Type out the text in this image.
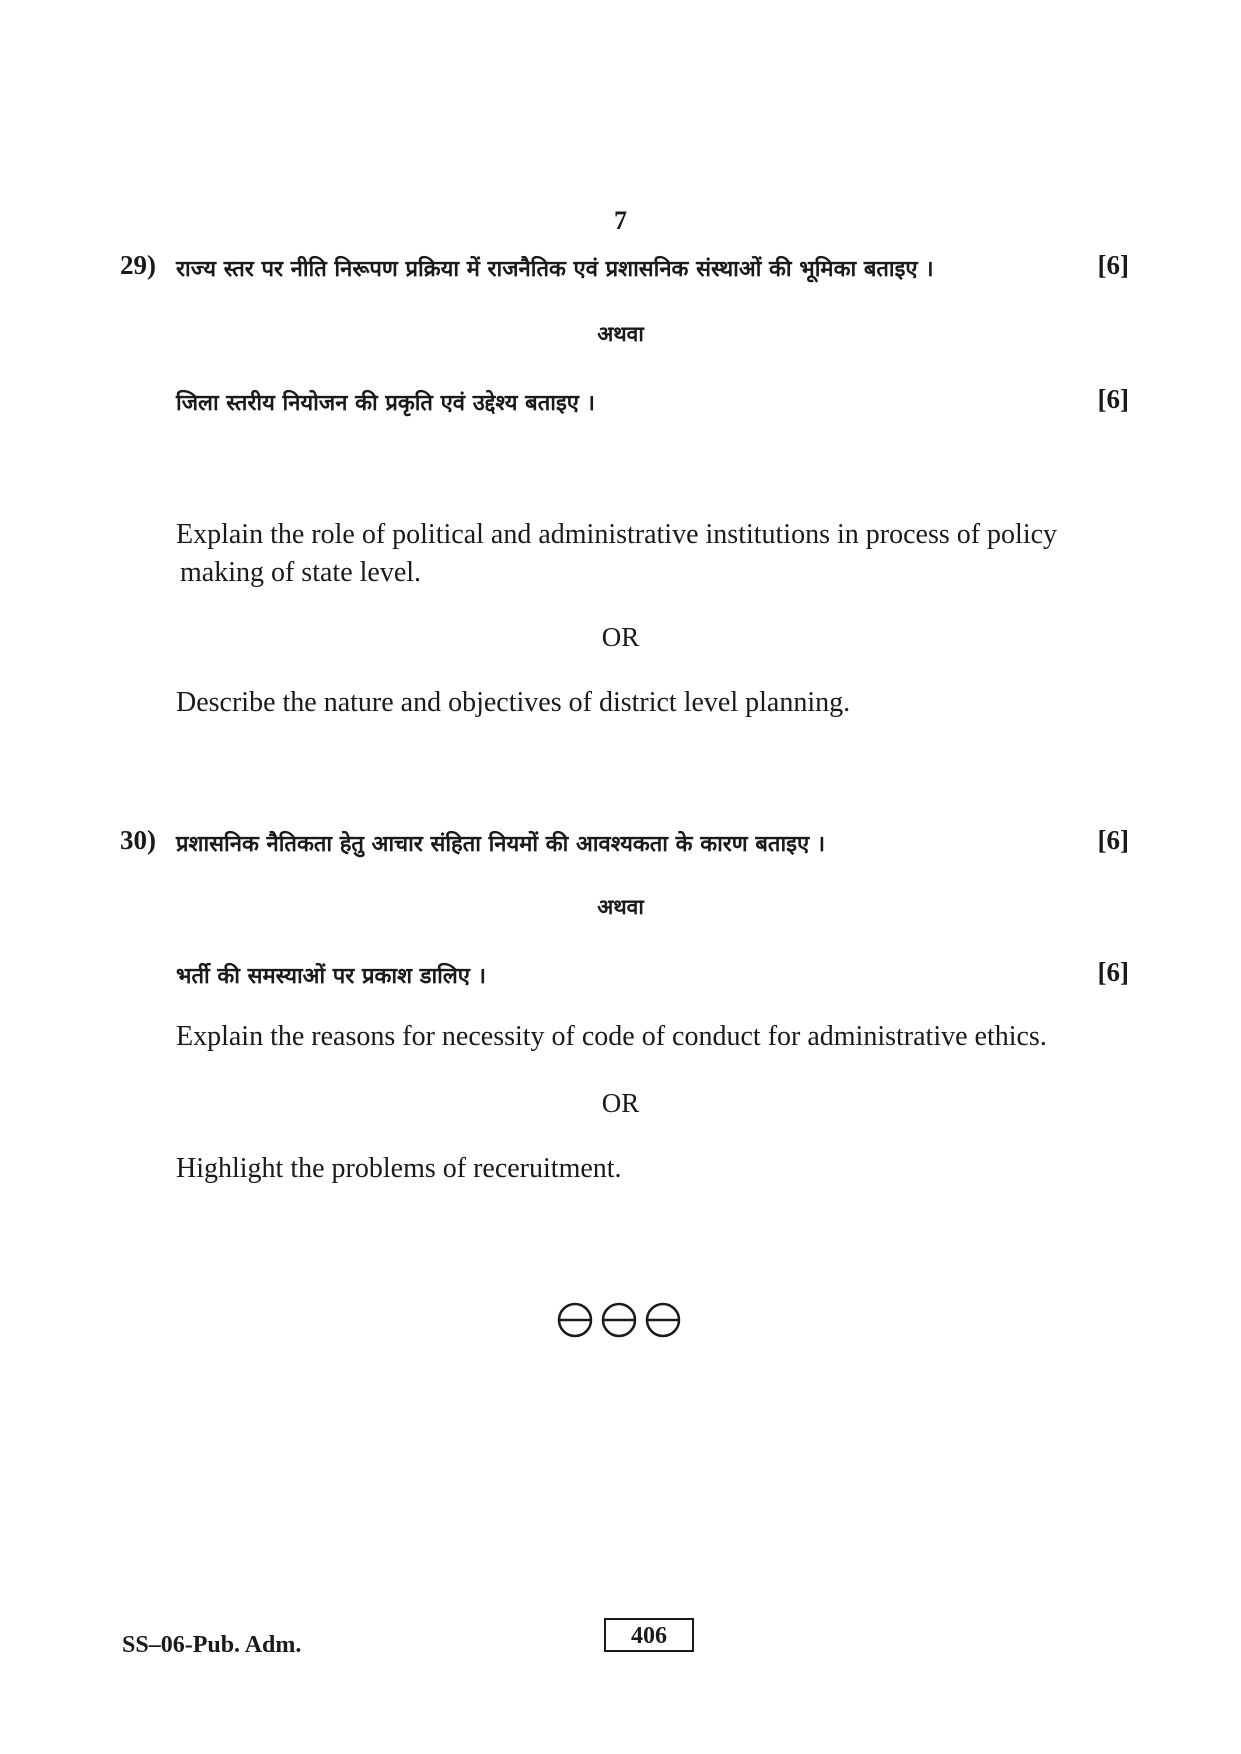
7
29) राज्य स्तर पर नीति निरूपण प्रक्रिया में राजनैतिक एवं प्रशासनिक संस्थाओं की भूमिका बताइए ।	[6]
अथवा
जिला स्तरीय नियोजन की प्रकृति एवं उद्देश्य बताइए ।	[6]
Explain the role of political and administrative institutions in process of policy
making of state level.
OR
Describe the nature and objectives of district level planning.
30) प्रशासनिक नैतिकता हेतु आचार संहिता नियमों की आवश्यकता के कारण बताइए ।	[6]
अथवा
भर्ती की समस्याओं पर प्रकाश डालिए ।	[6]
Explain the reasons for necessity of code of conduct for administrative ethics.
OR
Highlight the problems of receruitment.
SS–06-Pub. Adm.	406
